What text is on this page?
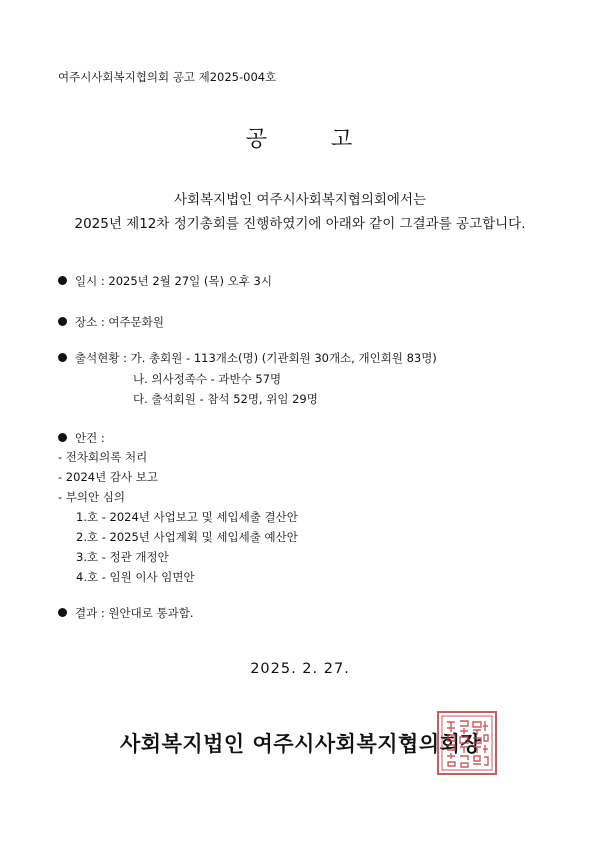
여주시사회복지협의회 공고 제2025-004호
공	고
사회복지법인 여주시사회복지협의회에서는
2025년 제12차 정기총회를 진행하였기에 아래와 같이 그결과를 공고합니다.
일시 : 2025년 2월 27일 (목) 오후 3시
장소 : 여주문화원
출석현황 : 가. 총회원 - 113개소(명) (기관회원 30개소, 개인회원 83명)
나. 의사정족수 - 과반수 57명
다. 출석회원 - 참석 52명, 위임 29명
안건 :
- 전차회의록 처리
- 2024년 감사 보고
- 부의안 심의
1.호 - 2024년 사업보고 및 세입세출 결산안
2.호 - 2025년 사업계획 및 세입세출 예산안
3.호 - 정관 개정안
4.호 - 임원 이사 임면안
결과 : 원안대로 통과함.
2025. 2. 27.
사회복지법인 여주시사회복지협의회장
